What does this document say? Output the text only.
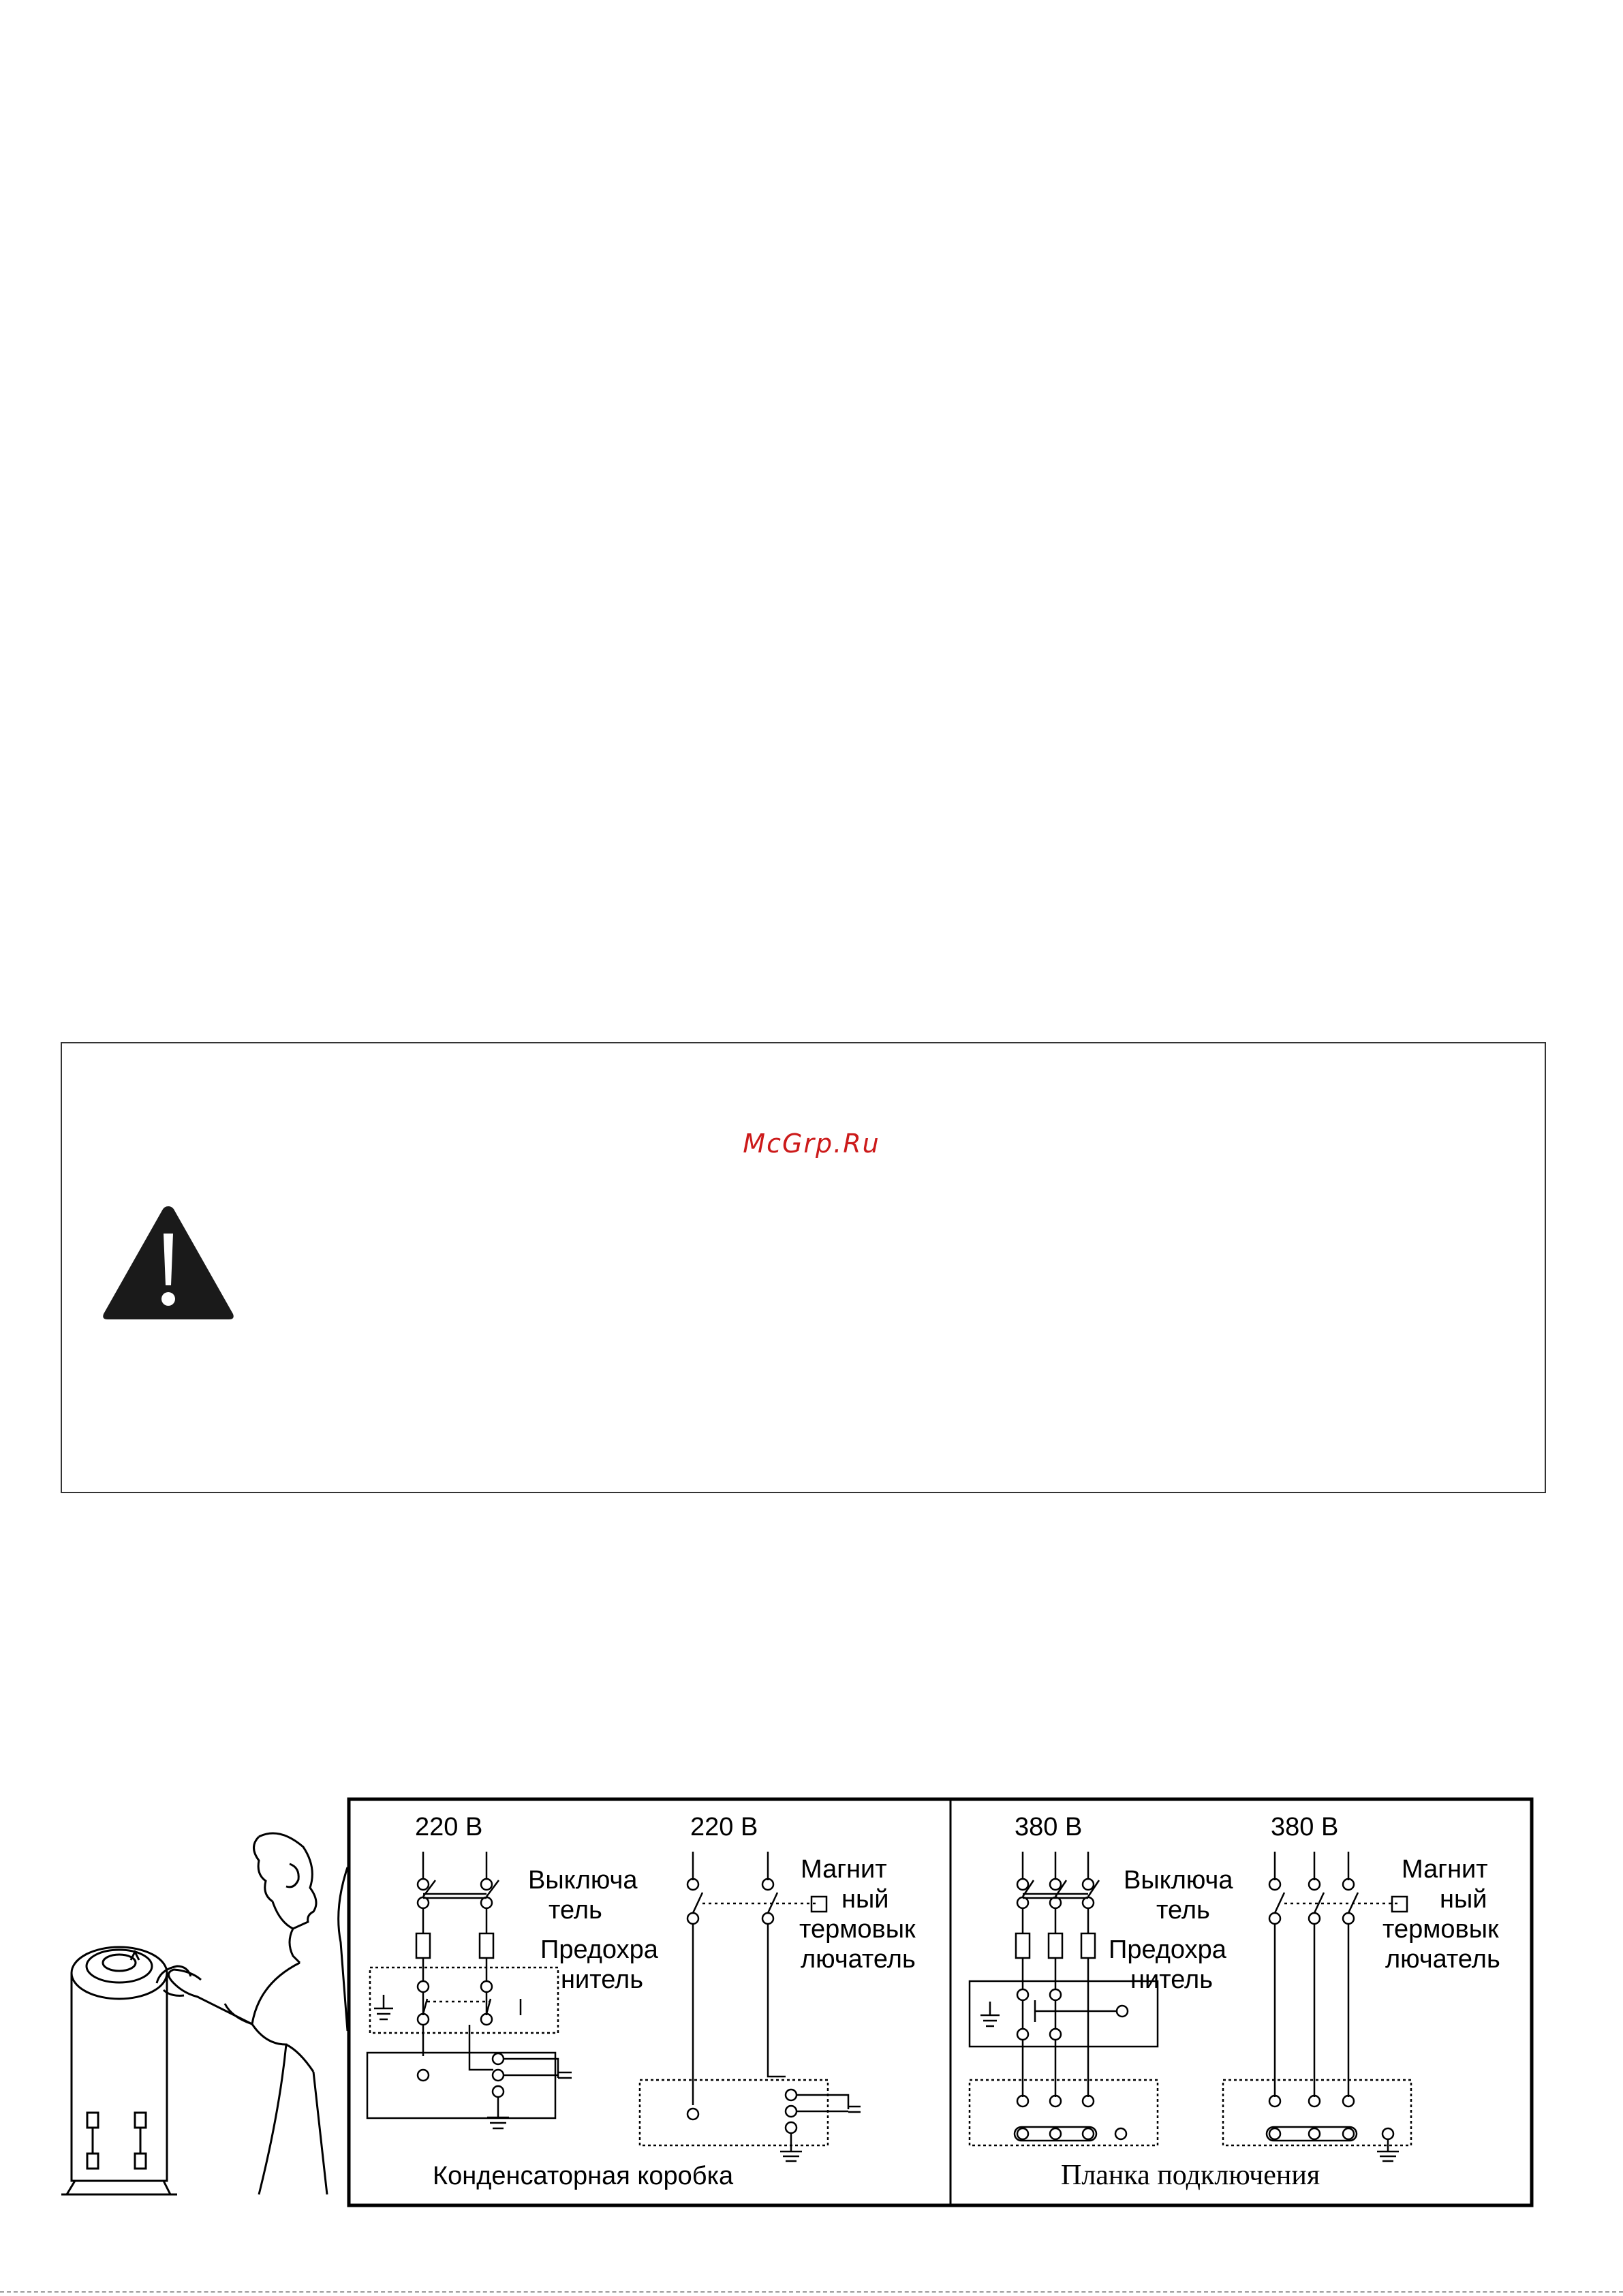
McGrp.Ru
220 В
Выключа
тель
Предохра
нитель
220 В
Магнит
ный
термовык
лючатель
Конденсаторная коробка
380 В
Выключа
тель
Предохра
нитель
380 В
Магнит
ный
термовык
лючатель
Планка подключения
